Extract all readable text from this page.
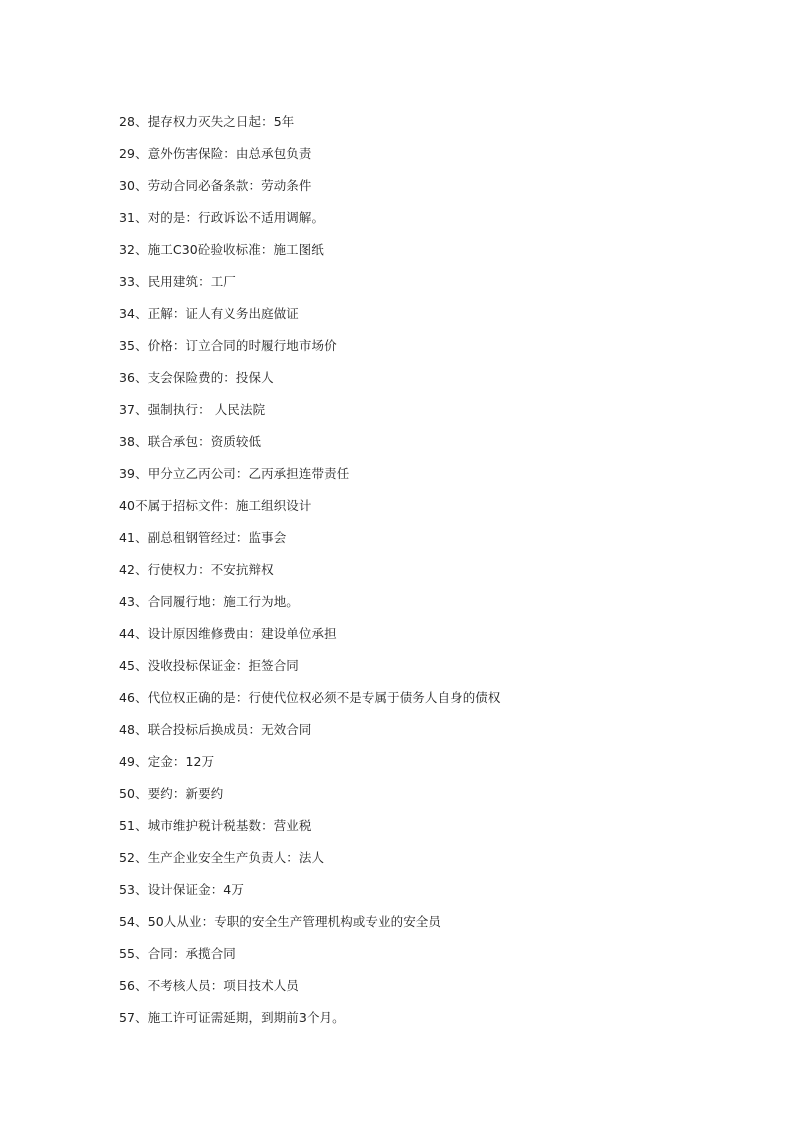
28、提存权力灭失之日起：5年
29、意外伤害保险：由总承包负责
30、劳动合同必备条款：劳动条件
31、对的是：行政诉讼不适用调解。
32、施工C30砼验收标准：施工图纸
33、民用建筑：工厂
34、正解：证人有义务出庭做证
35、价格：订立合同的时履行地市场价
36、支会保险费的：投保人
37、强制执行： 人民法院
38、联合承包：资质较低
39、甲分立乙丙公司：乙丙承担连带责任
40不属于招标文件：施工组织设计
41、副总租钢管经过：监事会
42、行使权力：不安抗辩权
43、合同履行地：施工行为地。
44、设计原因维修费由：建设单位承担
45、没收投标保证金：拒签合同
46、代位权正确的是：行使代位权必须不是专属于债务人自身的债权
48、联合投标后换成员：无效合同
49、定金：12万
50、要约：新要约
51、城市维护税计税基数：营业税
52、生产企业安全生产负责人：法人
53、设计保证金：4万
54、50人从业：专职的安全生产管理机构或专业的安全员
55、合同：承揽合同
56、不考核人员：项目技术人员
57、施工许可证需延期，到期前3个月。
